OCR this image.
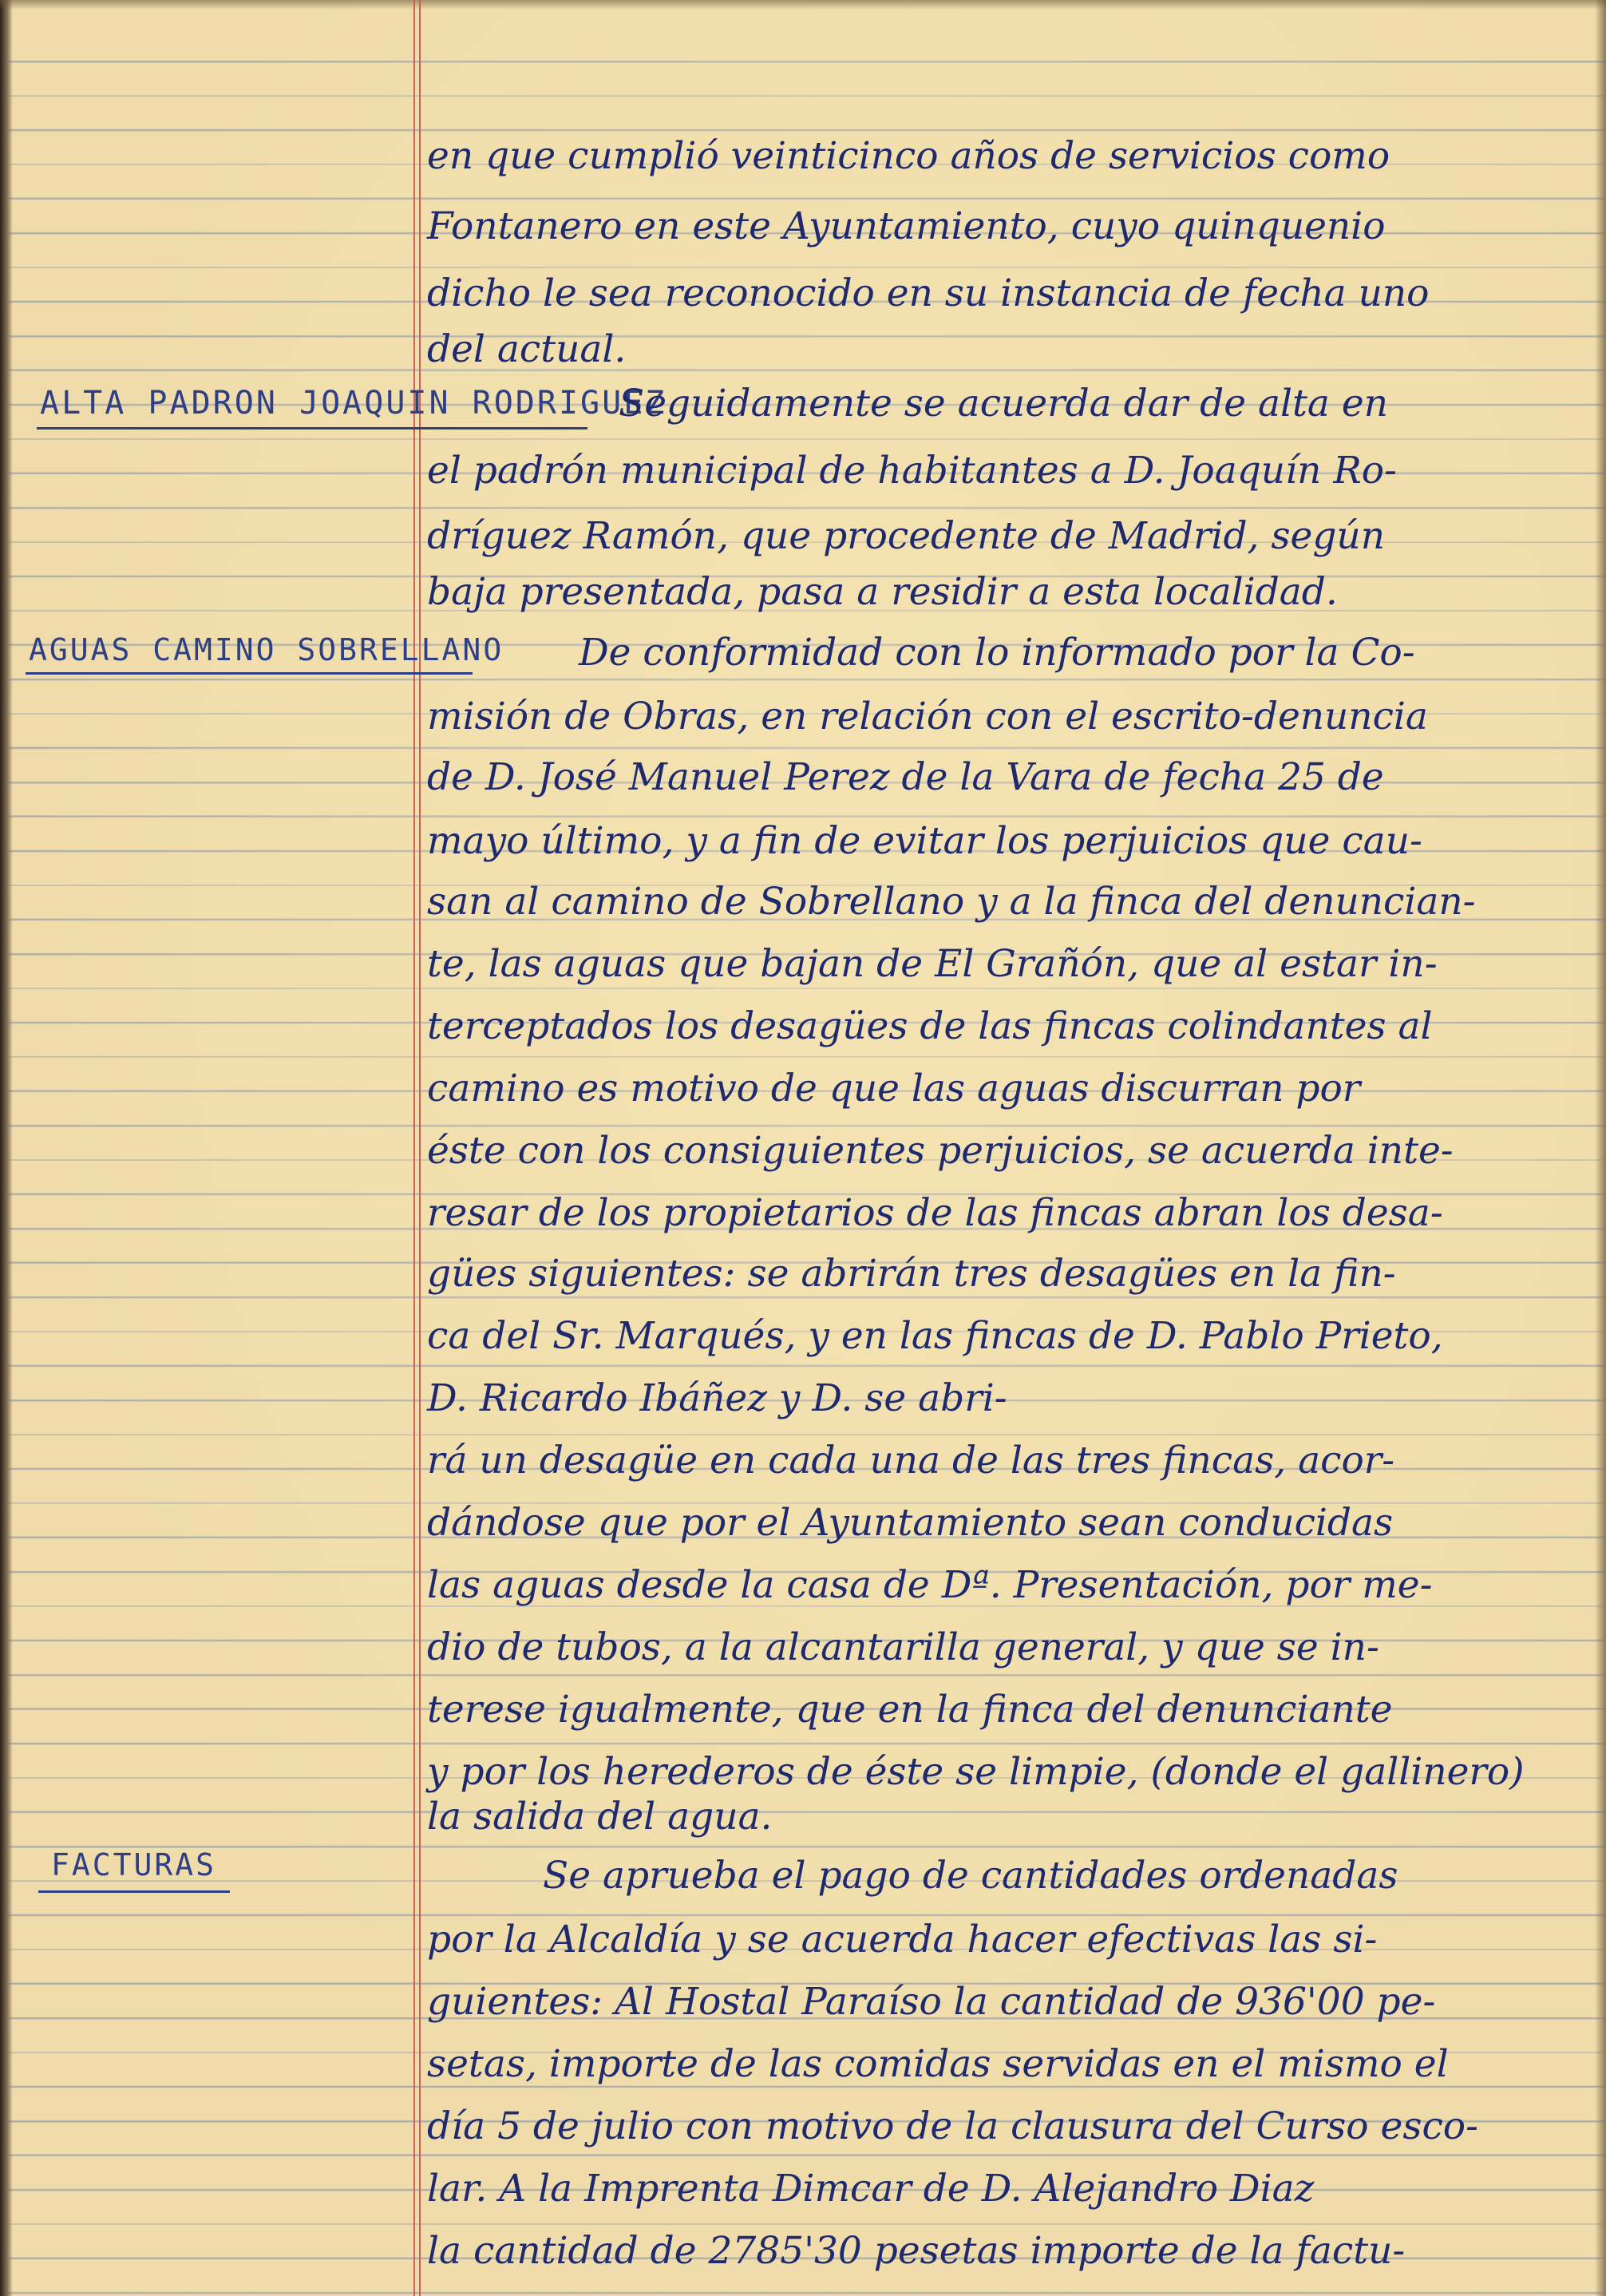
ALTA PADRON JOAQUIN RODRIGUEZ

AGUAS CAMINO SOBRELLANO

FACTURAS

en que cumplió veinticinco años de servicios como

Fontanero en este Ayuntamiento, cuyo quinquenio

dicho le sea reconocido en su instancia de fecha uno

del actual.

Seguidamente se acuerda dar de alta en

el padrón municipal de habitantes a D. Joaquín Ro-

dríguez Ramón, que procedente de Madrid, según

baja presentada, pasa a residir a esta localidad.

De conformidad con lo informado por la Co-

misión de Obras, en relación con el escrito-denuncia

de D. José Manuel Perez de la Vara de fecha 25 de

mayo último, y a fin de evitar los perjuicios que cau-

san al camino de Sobrellano y a la finca del denuncian-

te, las aguas que bajan de El Grañón, que al estar in-

terceptados los desagües de las fincas colindantes al

camino es motivo de que las aguas discurran por

éste con los consiguientes perjuicios, se acuerda inte-

resar de los propietarios de las fincas abran los desa-

gües siguientes: se abrirán tres desagües en la fin-

ca del Sr. Marqués, y en las fincas de D. Pablo Prieto,

D. Ricardo Ibáñez y D. se abri-

rá un desagüe en cada una de las tres fincas, acor-

dándose que por el Ayuntamiento sean conducidas

las aguas desde la casa de Dª. Presentación, por me-

dio de tubos, a la alcantarilla general, y que se in-

terese igualmente, que en la finca del denunciante

y por los herederos de éste se limpie, (donde el gallinero)

la salida del agua.

Se aprueba el pago de cantidades ordenadas

por la Alcaldía y se acuerda hacer efectivas las si-

guientes: Al Hostal Paraíso la cantidad de 936'00 pe-

setas, importe de las comidas servidas en el mismo el

día 5 de julio con motivo de la clausura del Curso esco-

lar. A la Imprenta Dimcar de D. Alejandro Diaz

la cantidad de 2785'30 pesetas importe de la factu-
